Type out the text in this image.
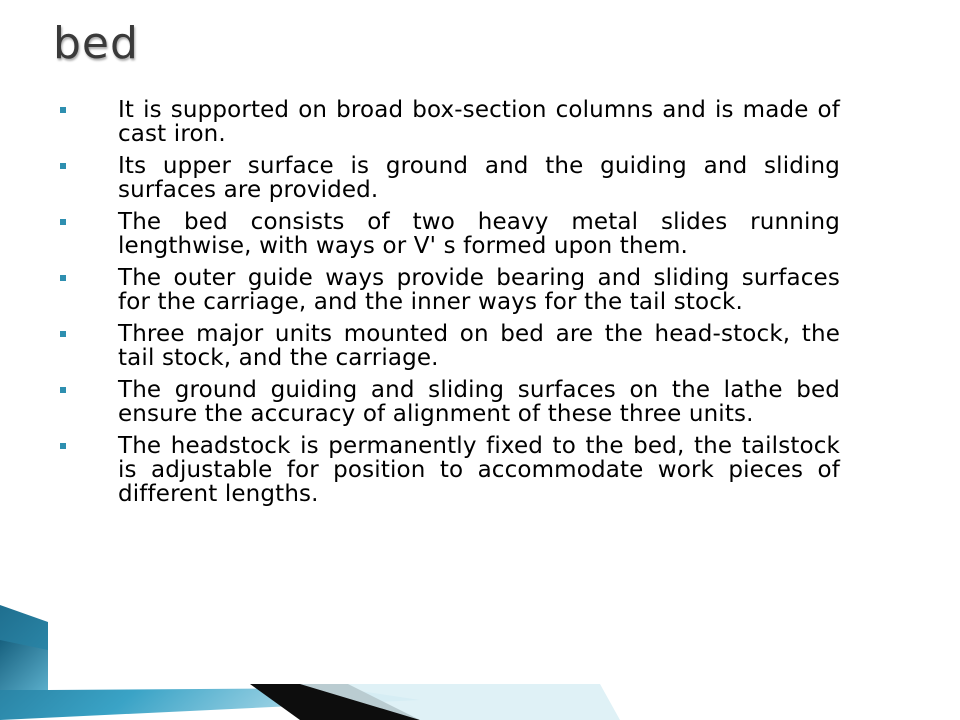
bed
It is supported on broad box-section columns and is made of cast iron.
Its upper surface is ground and the guiding and sliding surfaces are provided.
The bed consists of two heavy metal slides running lengthwise, with ways or V' s formed upon them.
The outer guide ways provide bearing and sliding surfaces for the carriage, and the inner ways for the tail stock.
Three major units mounted on bed are the head-stock, the tail stock, and the carriage.
The ground guiding and sliding surfaces on the lathe bed ensure the accuracy of alignment of these three units.
The headstock is permanently fixed to the bed, the tailstock is adjustable for position to accommodate work pieces of different lengths.
